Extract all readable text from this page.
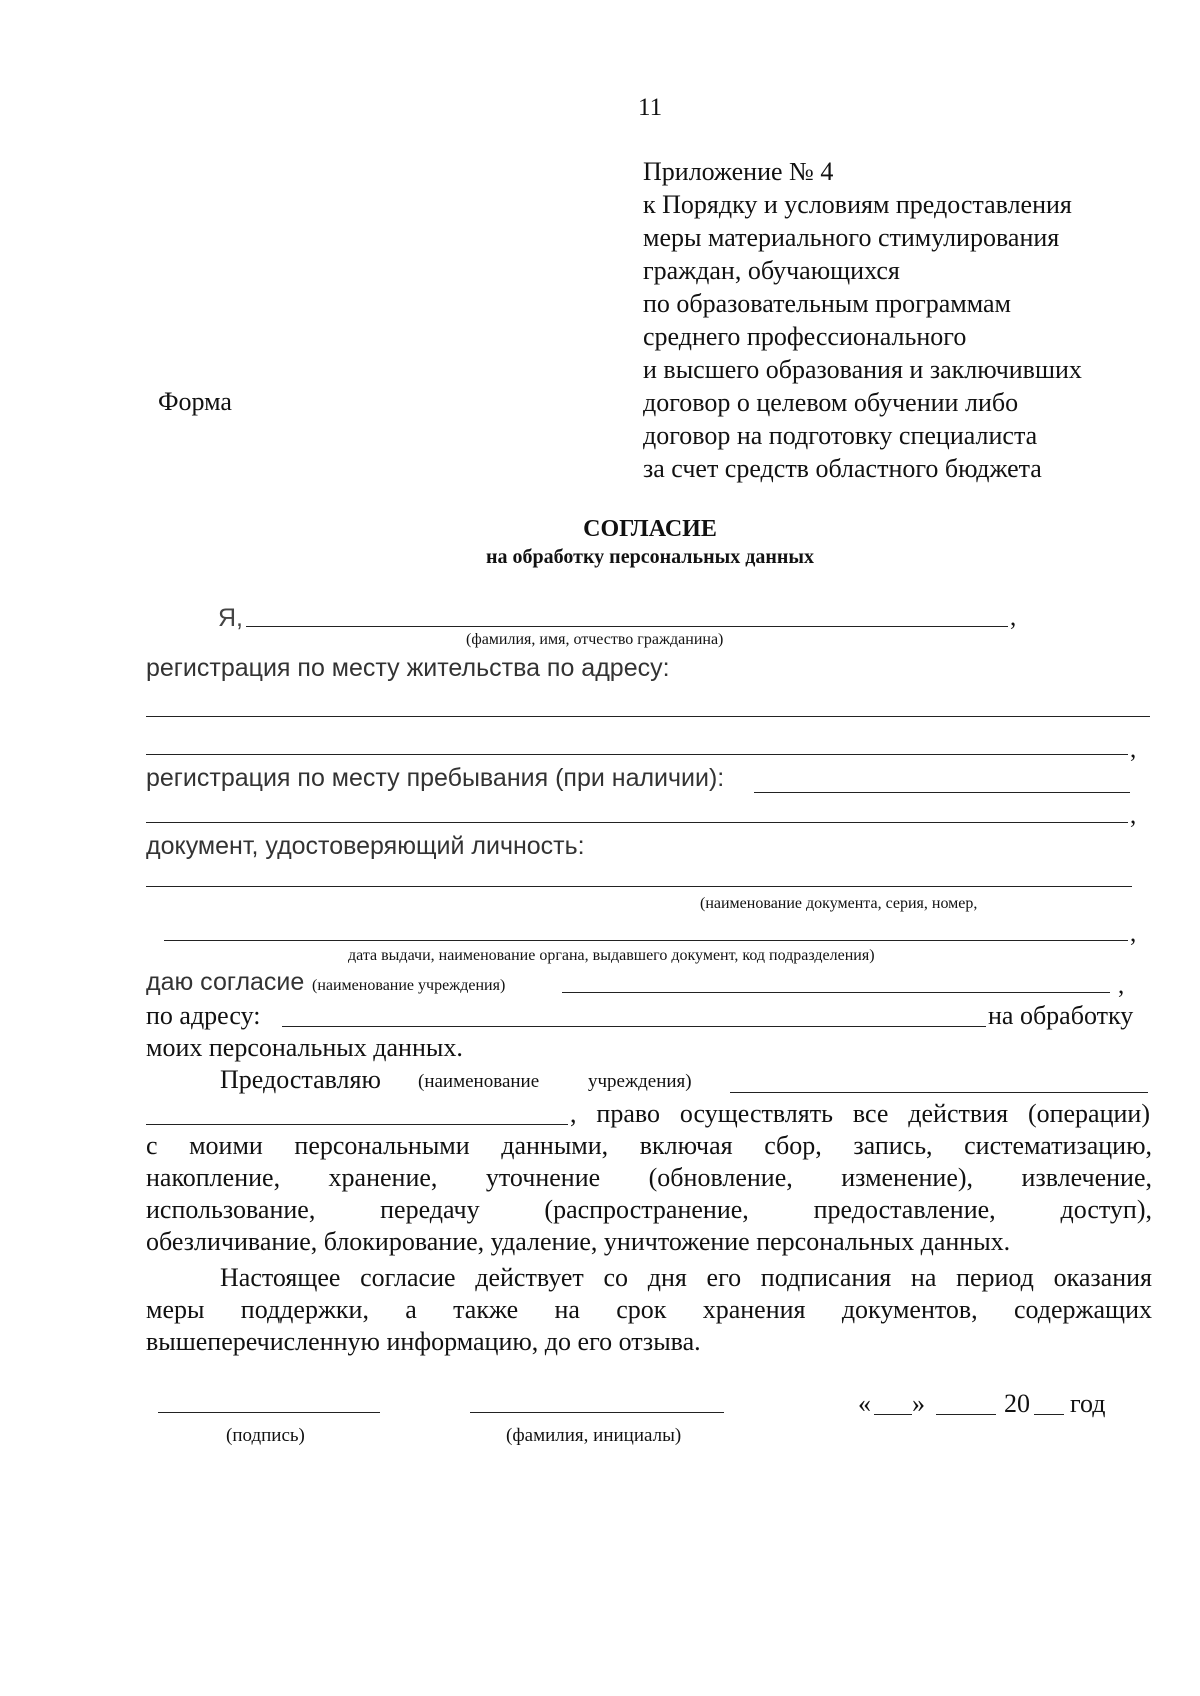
11
Приложение № 4
к Порядку и условиям предоставления
меры материального стимулирования
граждан, обучающихся
по образовательным программам
среднего профессионального
и высшего образования и заключивших
договор о целевом обучении либо
договор на подготовку специалиста
за счет средств областного бюджета
Форма
СОГЛАСИЕ
на обработку персональных данных
Я,	,
(фамилия, имя, отчество гражданина)
регистрация по месту жительства по адресу:
,
регистрация по месту пребывания (при наличии):
,
документ, удостоверяющий личность:
(наименование документа, серия, номер,
,
дата выдачи, наименование органа, выдавшего документ, код подразделения)
даю согласие (наименование учреждения)	,
по адресу:	на обработку
моих персональных данных.
Предоставляю (наименование	учреждения)
, право осуществлять все действия (операции)
с моими персональными данными, включая сбор, запись, систематизацию,
накопление, хранение, уточнение (обновление, изменение), извлечение,
использование, передачу (распространение, предоставление, доступ),
обезличивание, блокирование, удаление, уничтожение персональных данных.
Настоящее согласие действует со дня его подписания на период оказания
меры поддержки, а также на срок хранения документов, содержащих
вышеперечисленную информацию, до его отзыва.
(подпись)	(фамилия, инициалы)
« »	20 год
